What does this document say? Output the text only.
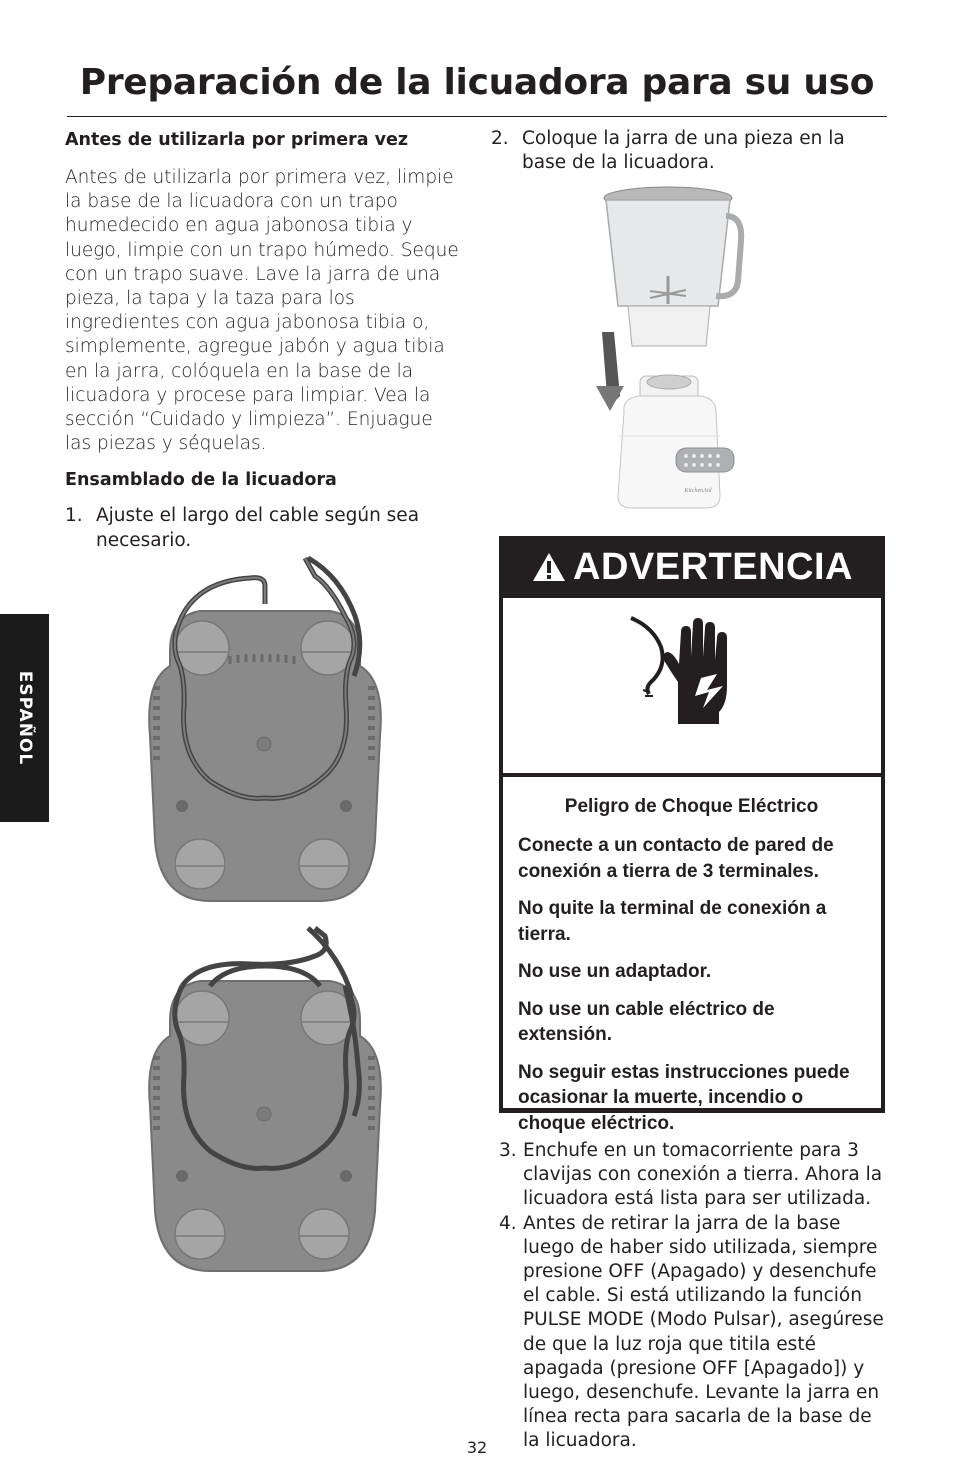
Preparación de la licuadora para su uso
ESPAÑOL
Antes de utilizarla por primera vez

Antes de utilizarla por primera vez, limpie la base de la licuadora con un trapo humedecido en agua jabonosa tibia y luego, limpie con un trapo húmedo. Seque con un trapo suave. Lave la jarra de una pieza, la tapa y la taza para los ingredientes con agua jabonosa tibia o, simplemente, agregue jabón y agua tibia en la jarra, colóquela en la base de la licuadora y procese para limpiar. Vea la sección “Cuidado y limpieza”. Enjuague las piezas y séquelas.

Ensamblado de la licuadora
1. Ajuste el largo del cable según sea necesario.
2. Coloque la jarra de una pieza en la base de la licuadora.
KitchenAid
ADVERTENCIA
Peligro de Choque Eléctrico
Conecte a un contacto de pared de conexión a tierra de 3 terminales.
No quite la terminal de conexión a tierra.
No use un adaptador.
No use un cable eléctrico de extensión.
No seguir estas instrucciones puede ocasionar la muerte, incendio o choque eléctrico.
3. Enchufe en un tomacorriente para 3 clavijas con conexión a tierra. Ahora la licuadora está lista para ser utilizada.
4. Antes de retirar la jarra de la base luego de haber sido utilizada, siempre presione OFF (Apagado) y desenchufe el cable. Si está utilizando la función PULSE MODE (Modo Pulsar), asegúrese de que la luz roja que titila esté apagada (presione OFF [Apagado]) y luego, desenchufe. Levante la jarra en línea recta para sacarla de la base de la licuadora.
32
